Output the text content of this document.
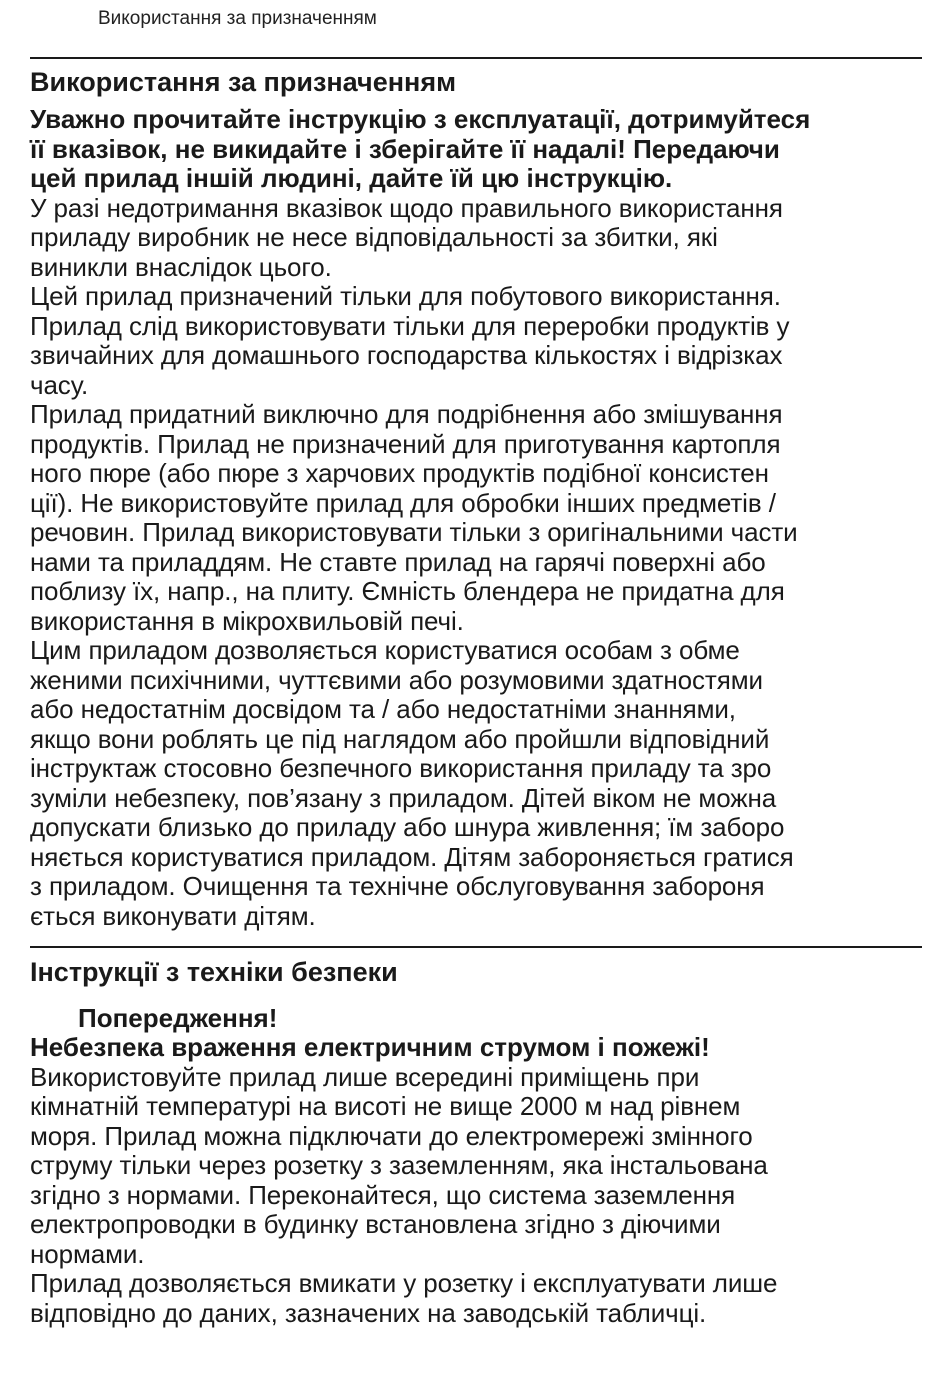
Використання за призначенням
Використання за призначенням

Уважно прочитайте інструкцію з експлуатації, дотримуйтеся
її вказівок, не викидайте і зберігайте її надалі! Передаючи
цей прилад іншій людині, дайте їй цю інструкцію.

У разі недотримання вказівок щодо правильного використання
приладу виробник не несе відповідальності за збитки, які
виникли внаслідок цього.

Цей прилад призначений тільки для побутового використання.
Прилад слід використовувати тільки для переробки продуктів у
звичайних для домашнього господарства кількостях і відрізках
часу.

Прилад придатний виключно для подрібнення або змішування
продуктів. Прилад не призначений для приготування картопля
ного пюре (або пюре з харчових продуктів подібної консистен
ції). Не використовуйте прилад для обробки інших предметів /
речовин. Прилад використовувати тільки з оригінальними части
нами та приладдям. Не ставте прилад на гарячі поверхні або
поблизу їх, напр., на плиту. Ємність блендера не придатна для
використання в мікрохвильовій печі.

Цим приладом дозволяється користуватися особам з обме
женими психічними, чуттєвими або розумовими здатностями
або недостатнім досвідом та / або недостатніми знаннями,
якщо вони роблять це під наглядом або пройшли відповідний
інструктаж стосовно безпечного використання приладу та зро
зуміли небезпеку, пов’язану з приладом. Дітей віком не можна
допускати близько до приладу або шнура живлення; їм заборо
няється користуватися приладом. Дітям забороняється гратися
з приладом. Очищення та технічне обслуговування забороня
ється виконувати дітям.

Інструкції з техніки безпеки

Попередження!

Небезпека враження електричним струмом і пожежі!

Використовуйте прилад лише всередині приміщень при
кімнатній температурі на висоті не вище 2000 м над рівнем
моря. Прилад можна підключати до електромережі змінного
струму тільки через розетку з заземленням, яка інстальована
згідно з нормами. Переконайтеся, що система заземлення
електропроводки в будинку встановлена згідно з діючими
нормами.

Прилад дозволяється вмикати у розетку і експлуатувати лише
відповідно до даних, зазначених на заводській табличці.
